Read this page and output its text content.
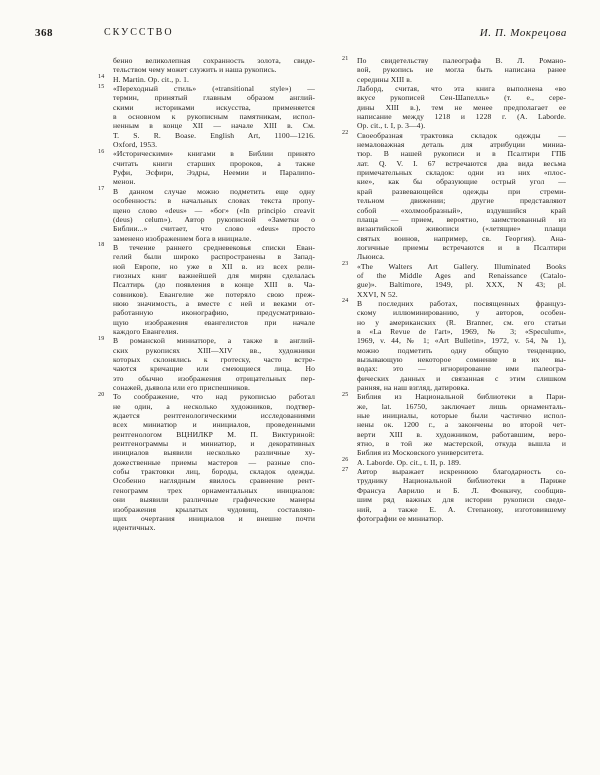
368	СКУССТВО	И. П. Мокрецова
бенно великолепная сохранность золота, свиде-
тельством чему может служить и наша рукопись.
14 H. Martin. Op. cit., p. 1.
15 «Переходный стиль» («transitional style») —
термин, принятый главным образом англий-
скими историками искусства, применяется
в основном к рукописным памятникам, испол-
ненным в конце XII — начале XIII в. См.
T. S. R. Boase. English Art, 1100—1216.
Oxford, 1953.
16 «Историческими» книгами в Библии принято
считать книги старших пророков, а также
Руфи, Эсфири, Эздры, Неемии и Паралипо-
менон.
17 В данном случае можно подметить еще одну
особенность: в начальных словах текста пропу-
щено слово «deus» — «бог» («In principio creavit
(deus) celum»). Автор рукописной «Заметки о
Библии...» считает, что слово «deus» просто
заменено изображением бога в инициале.
18 В течение раннего средневековья списки Еван-
гелий были широко распространены в Запад-
ной Европе, но уже в XII в. из всех рели-
гиозных книг важнейшей для мирян сделалась
Псалтирь (до появления в конце XIII в. Ча-
совников). Евангелие же потеряло свою преж-
нюю значимость, а вместе с ней и веками от-
работанную иконографию, предусматриваю-
щую изображения евангелистов при начале
каждого Евангелия.
19 В романской миниатюре, а также в англий-
ских рукописях XIII—XIV вв., художники
которых склонялись к гротеску, часто встре-
чаются кричащие или смеющиеся лица. Но
это обычно изображения отрицательных пер-
сонажей, дьявола или его приспешников.
20 То соображение, что над рукописью работал
не один, а несколько художников, подтвер-
ждается рентгенологическими исследованиями
всех миниатюр и инициалов, проведенными
рентгенологом ВЦНИЛКР М. П. Виктуриной:
рентгенограммы и миниатюр, и декоративных
инициалов выявили несколько различные ху-
дожественные приемы мастеров — разные спо-
собы трактовки лиц, бороды, складок одежды.
Особенно наглядным явилось сравнение рент-
генограмм трех орнаментальных инициалов:
они выявили различные графические манеры
изображения крылатых чудовищ, составляю-
щих очертания инициалов и внешне почти
идентичных.
21 По свидетельству палеографа В. Л. Романо-
вой, рукопись не могла быть написана ранее
середины XIII в.
Лаборд, считая, что эта книга выполнена «во
вкусе рукописей Сен-Шапелль» (т. е., сере-
дины XIII в.), тем не менее предполагает ее
написание между 1218 и 1228 г. (A. Laborde.
Op. cit., t. I, p. 3—4).
22 Своеобразная трактовка складок одежды —
немаловажная деталь для атрибуции миниа-
тюр. В нашей рукописи и в Псалтири ГПБ
лат. Q. V. I. 67 встречаются два вида весьма
примечательных складок: одни из них «плос-
кие», как бы образующие острый угол —
край развевающейся одежды при стреми-
тельном движении; другие представляют
собой «холмообразный», вздувшийся край
плаща — прием, вероятно, заимствованный из
византийской живописи («летящие» плащи
святых воинов, например, св. Георгия). Ана-
логичные приемы встречаются и в Псалтири
Льюиса.
23 «The Walters Art Gallery. Illuminated Books
of the Middle Ages and Renaissance (Catalo-
gue)». Baltimore, 1949, pl. XXX, N 43; pl.
XXVI, N 52.
24 В последних работах, посвященных француз-
скому иллюминированию, у авторов, особен-
но у американских (R. Branner, см. его статьи
в «La Revue de l'art», 1969, № 3; «Speculum»,
1969, v. 44, № 1; «Art Bulletin», 1972, v. 54, № 1),
можно подметить одну общую тенденцию,
вызывающую некоторое сомнение в их вы-
водах: это — игнорирование ими палеогра-
фических данных и связанная с этим слишком
ранняя, на наш взгляд, датировка.
25 Библия из Национальной библиотеки в Пари-
же, lat. 16750, заключает лишь орнаменталь-
ные инициалы, которые были частично испол-
нены ок. 1200 г., а закончены во второй чет-
верти XIII в. художником, работавшим, веро-
ятно, в той же мастерской, откуда вышла и
Библия из Московского университета.
26 A. Laborde. Op. cit., t. II, p. 189.
27 Автор выражает искреннюю благодарность со-
труднику Национальной библиотеки в Париже
Франсуа Аврилю и Б. Л. Фонкичу, сообщив-
шим ряд важных для истории рукописи сведе-
ний, а также Е. А. Степанову, изготовившему
фотографии ее миниатюр.
